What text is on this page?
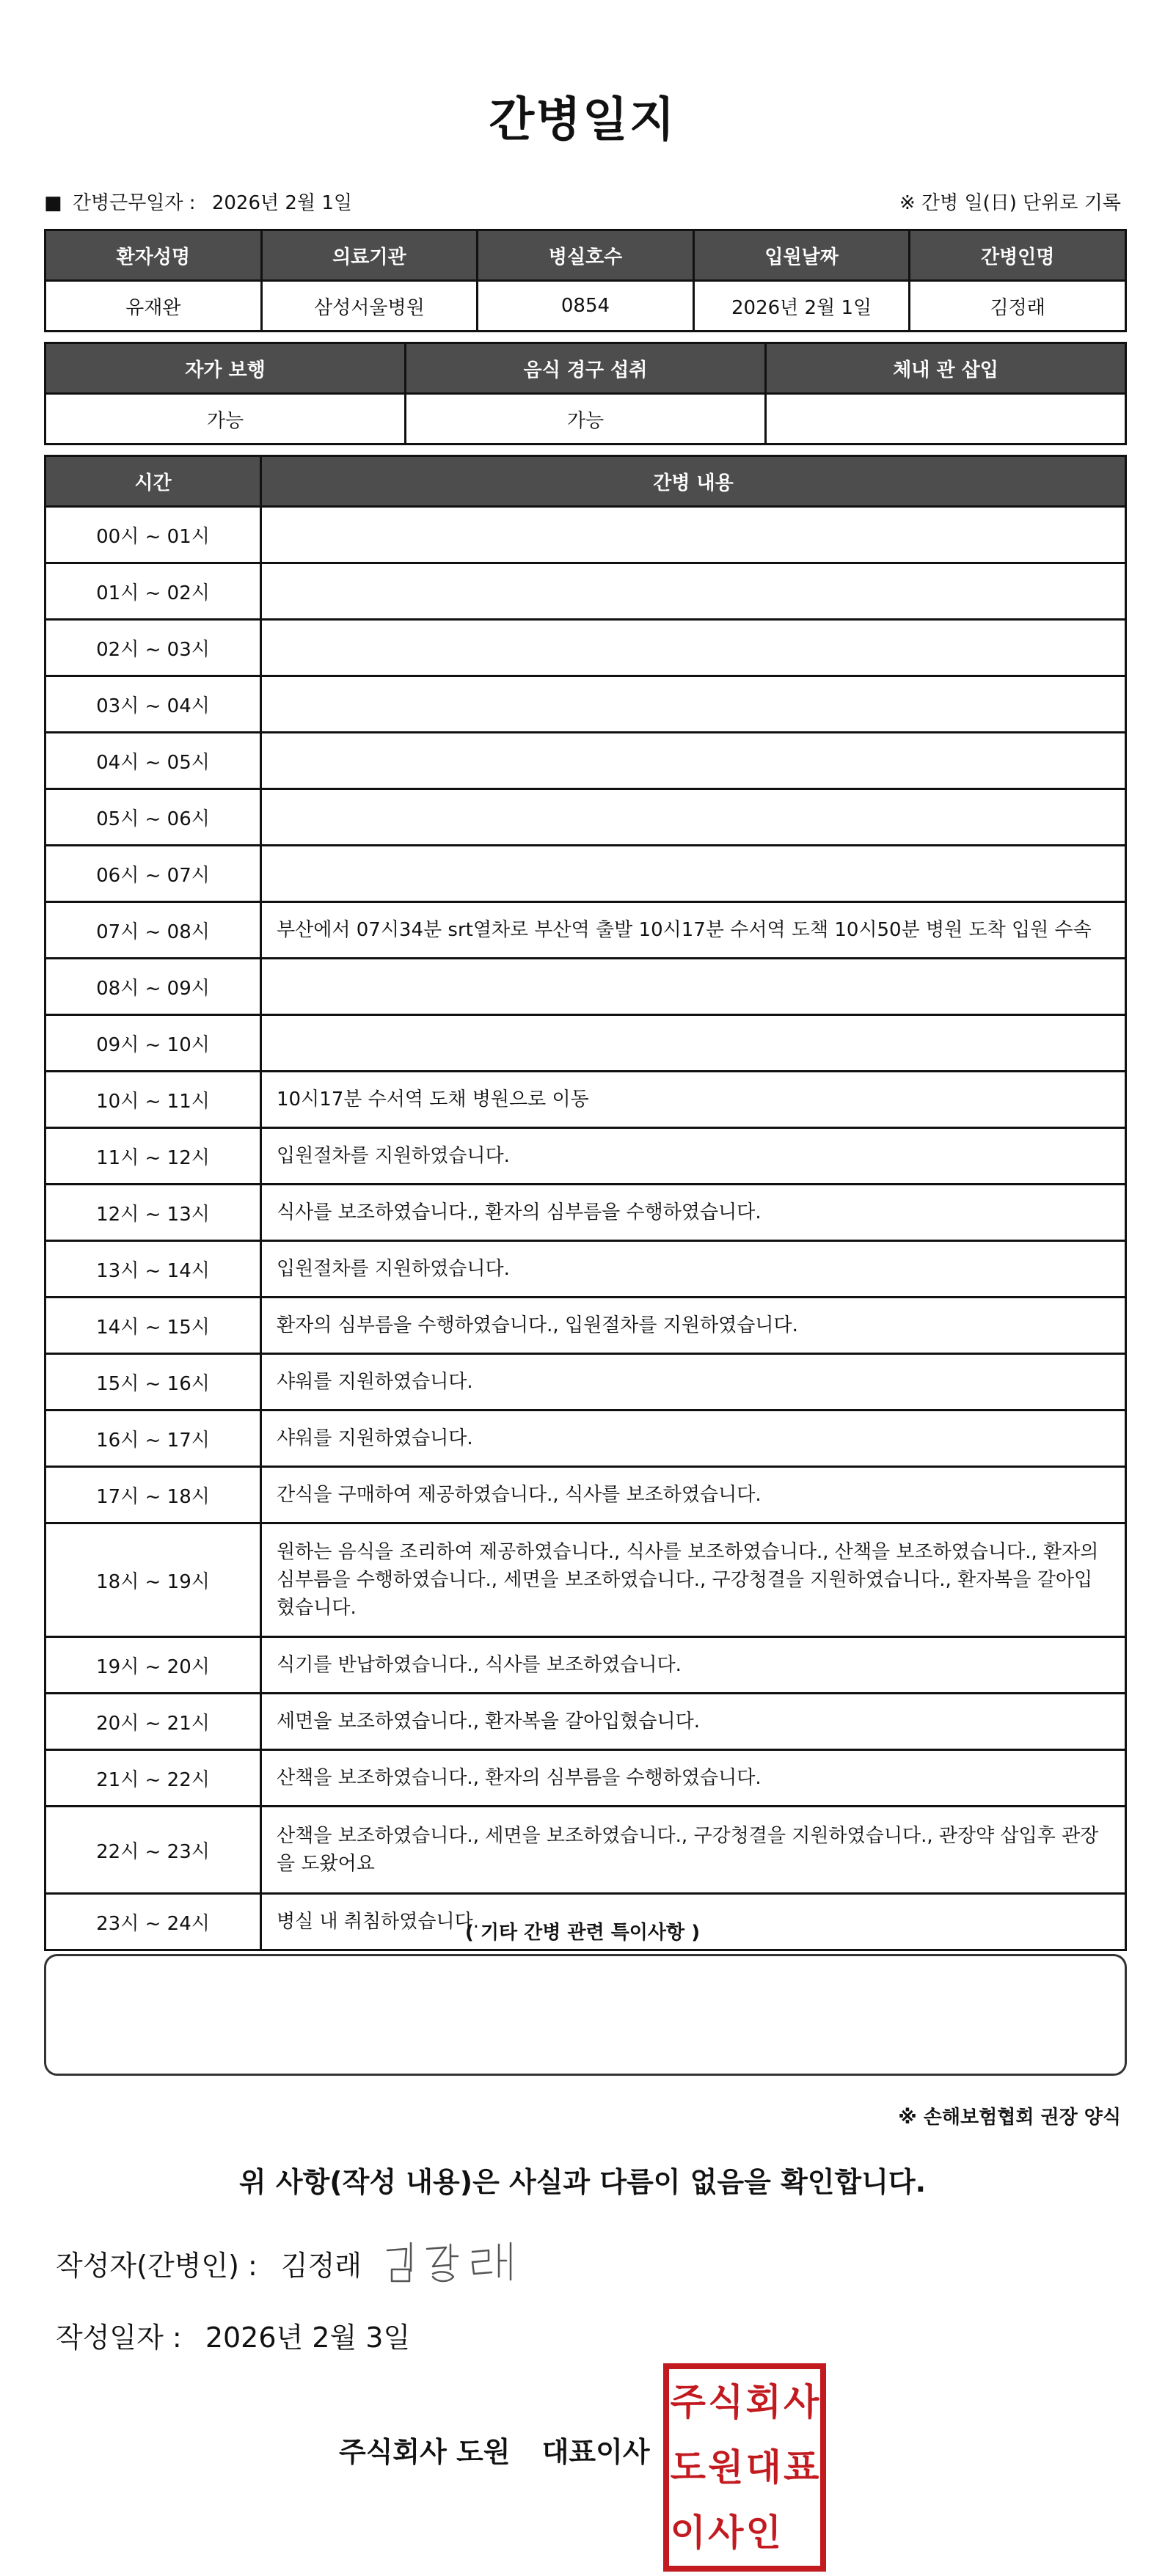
간병일지
■ 간병근무일자 : 2026년 2월 1일	※ 간병 일(日) 단위로 기록
환자성명	의료기관	병실호수	입원날짜	간병인명
유재완	삼성서울병원	0854	2026년 2월 1일	김정래
자가 보행	음식 경구 섭취	체내 관 삽입
가능	가능	
시간	간병 내용
00시 ~ 01시	
01시 ~ 02시	
02시 ~ 03시	
03시 ~ 04시	
04시 ~ 05시	
05시 ~ 06시	
06시 ~ 07시	
07시 ~ 08시	부산에서 07시34분 srt열차로 부산역 출발 10시17분 수서역 도책 10시50분 병원 도착 입원 수속
08시 ~ 09시	
09시 ~ 10시	
10시 ~ 11시	10시17분 수서역 도채 병원으로 이동
11시 ~ 12시	입원절차를 지원하였습니다.
12시 ~ 13시	식사를 보조하였습니다., 환자의 심부름을 수행하였습니다.
13시 ~ 14시	입원절차를 지원하였습니다.
14시 ~ 15시	환자의 심부름을 수행하였습니다., 입원절차를 지원하였습니다.
15시 ~ 16시	샤워를 지원하였습니다.
16시 ~ 17시	샤워를 지원하였습니다.
17시 ~ 18시	간식을 구매하여 제공하였습니다., 식사를 보조하였습니다.
18시 ~ 19시	원하는 음식을 조리하여 제공하였습니다., 식사를 보조하였습니다., 산책을 보조하였습니다., 환자의 심부름을 수행하였습니다., 세면을 보조하였습니다., 구강청결을 지원하였습니다., 환자복을 갈아입혔습니다.
19시 ~ 20시	식기를 반납하였습니다., 식사를 보조하였습니다.
20시 ~ 21시	세면을 보조하였습니다., 환자복을 갈아입혔습니다.
21시 ~ 22시	산책을 보조하였습니다., 환자의 심부름을 수행하였습니다.
22시 ~ 23시	산책을 보조하였습니다., 세면을 보조하였습니다., 구강청결을 지원하였습니다., 관장약 삽입후 관장을 도왔어요
23시 ~ 24시	병실 내 취침하였습니다.
( 기타 간병 관련 특이사항 )
※ 손해보험협회 권장 양식
위 사항(작성 내용)은 사실과 다름이 없음을 확인합니다.
작성자(간병인) : 김정래
작성일자 : 2026년 2월 3일
주식회사 도원 대표이사
주 식 회 사
도 원 대 표
이 사 인
